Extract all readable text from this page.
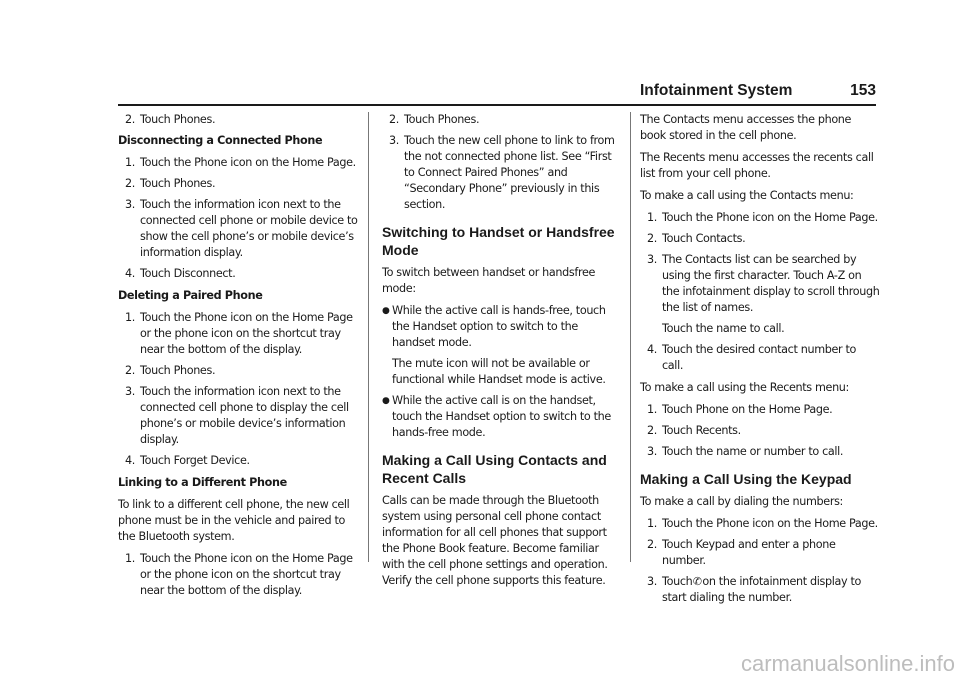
Infotainment System	153
2. Touch Phones.
Disconnecting a Connected Phone
1. Touch the Phone icon on the Home Page.
2. Touch Phones.
3. Touch the information icon next to the connected cell phone or mobile device to show the cell phone’s or mobile device’s information display.
4. Touch Disconnect.
Deleting a Paired Phone
1. Touch the Phone icon on the Home Page or the phone icon on the shortcut tray near the bottom of the display.
2. Touch Phones.
3. Touch the information icon next to the connected cell phone to display the cell phone’s or mobile device’s information display.
4. Touch Forget Device.
Linking to a Different Phone
To link to a different cell phone, the new cell phone must be in the vehicle and paired to the Bluetooth system.
1. Touch the Phone icon on the Home Page or the phone icon on the shortcut tray near the bottom of the display.
2. Touch Phones.
3. Touch the new cell phone to link to from the not connected phone list. See “First to Connect Paired Phones” and “Secondary Phone” previously in this section.
Switching to Handset or Handsfree Mode
To switch between handset or handsfree mode:
● While the active call is hands-free, touch the Handset option to switch to the handset mode.
The mute icon will not be available or functional while Handset mode is active.
● While the active call is on the handset, touch the Handset option to switch to the hands-free mode.
Making a Call Using Contacts and Recent Calls
Calls can be made through the Bluetooth system using personal cell phone contact information for all cell phones that support the Phone Book feature. Become familiar with the cell phone settings and operation. Verify the cell phone supports this feature.
The Contacts menu accesses the phone book stored in the cell phone.
The Recents menu accesses the recents call list from your cell phone.
To make a call using the Contacts menu:
1. Touch the Phone icon on the Home Page.
2. Touch Contacts.
3. The Contacts list can be searched by using the first character. Touch A-Z on the infotainment display to scroll through the list of names.
Touch the name to call.
4. Touch the desired contact number to call.
To make a call using the Recents menu:
1. Touch Phone on the Home Page.
2. Touch Recents.
3. Touch the name or number to call.
Making a Call Using the Keypad
To make a call by dialing the numbers:
1. Touch the Phone icon on the Home Page.
2. Touch Keypad and enter a phone number.
3. Touch✆on the infotainment display to start dialing the number.
carmanualsonline.info
